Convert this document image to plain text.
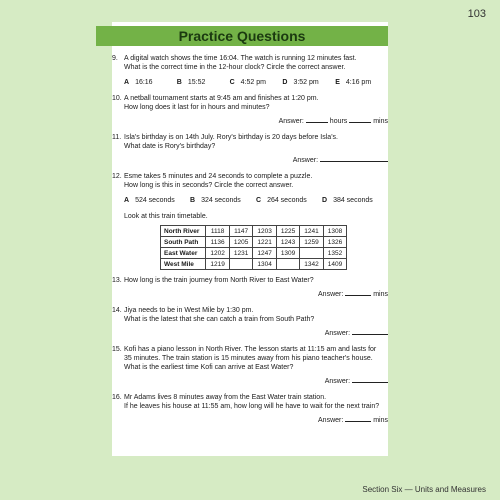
103
Practice Questions
9. A digital watch shows the time 16:04. The watch is running 12 minutes fast.
What is the correct time in the 12-hour clock? Circle the correct answer.
A 16:16	B 15:52	C 4:52 pm	D 3:52 pm	E 4:16 pm
10. A netball tournament starts at 9:45 am and finishes at 1:20 pm.
How long does it last for in hours and minutes?
Answer:	hours	mins
11. Isla's birthday is on 14th July. Rory's birthday is 20 days before Isla's.
What date is Rory's birthday?
Answer:
12. Esme takes 5 minutes and 24 seconds to complete a puzzle.
How long is this in seconds? Circle the correct answer.
A 524 seconds	B 324 seconds	C 264 seconds	D 384 seconds
Look at this train timetable.
North River	1118	1147	1203	1225	1241	1308
South Path	1136	1205	1221	1243	1259	1326
East Water	1202	1231	1247	1309		1352
West Mile	1219		1304		1342	1409
13. How long is the train journey from North River to East Water?
Answer:	mins
14. Jiya needs to be in West Mile by 1:30 pm.
What is the latest that she can catch a train from South Path?
Answer:
15. Kofi has a piano lesson in North River. The lesson starts at 11:15 am and lasts for
35 minutes. The train station is 15 minutes away from his piano teacher's house.
What is the earliest time Kofi can arrive at East Water?
Answer:
16. Mr Adams lives 8 minutes away from the East Water train station.
If he leaves his house at 11:55 am, how long will he have to wait for the next train?
Answer:	mins
Section Six — Units and Measures
